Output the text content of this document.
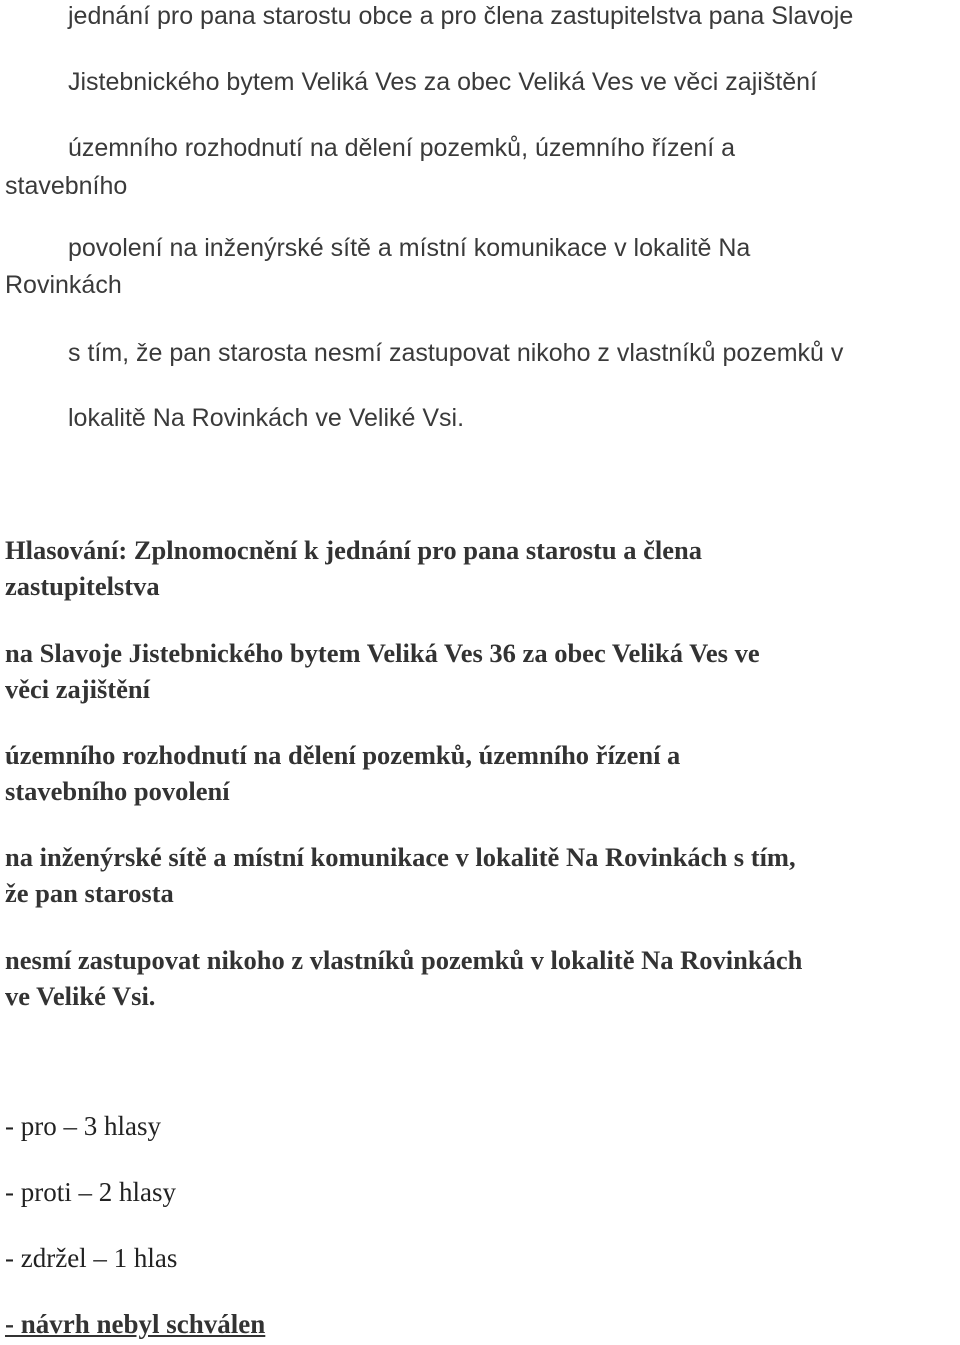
jednání pro pana starostu obce a pro člena zastupitelstva pana Slavoje
Jistebnického bytem Veliká Ves za obec Veliká Ves ve věci zajištění
územního rozhodnutí na dělení pozemků, územního řízení a
stavebního
povolení na inženýrské sítě a místní komunikace v lokalitě Na
Rovinkách
s tím, že pan starosta nesmí zastupovat nikoho z vlastníků pozemků v
lokalitě Na Rovinkách ve Veliké Vsi.
Hlasování: Zplnomocnění k jednání pro pana starostu a člena
zastupitelstva
na Slavoje Jistebnického bytem Veliká Ves 36 za obec Veliká Ves ve
věci zajištění
územního rozhodnutí na dělení pozemků, územního řízení a
stavebního povolení
na inženýrské sítě a místní komunikace v lokalitě Na Rovinkách s tím,
že pan starosta
nesmí zastupovat nikoho z vlastníků pozemků v lokalitě Na Rovinkách
ve Veliké Vsi.
- pro – 3 hlasy
- proti – 2 hlasy
- zdržel – 1 hlas
- návrh nebyl schválen
